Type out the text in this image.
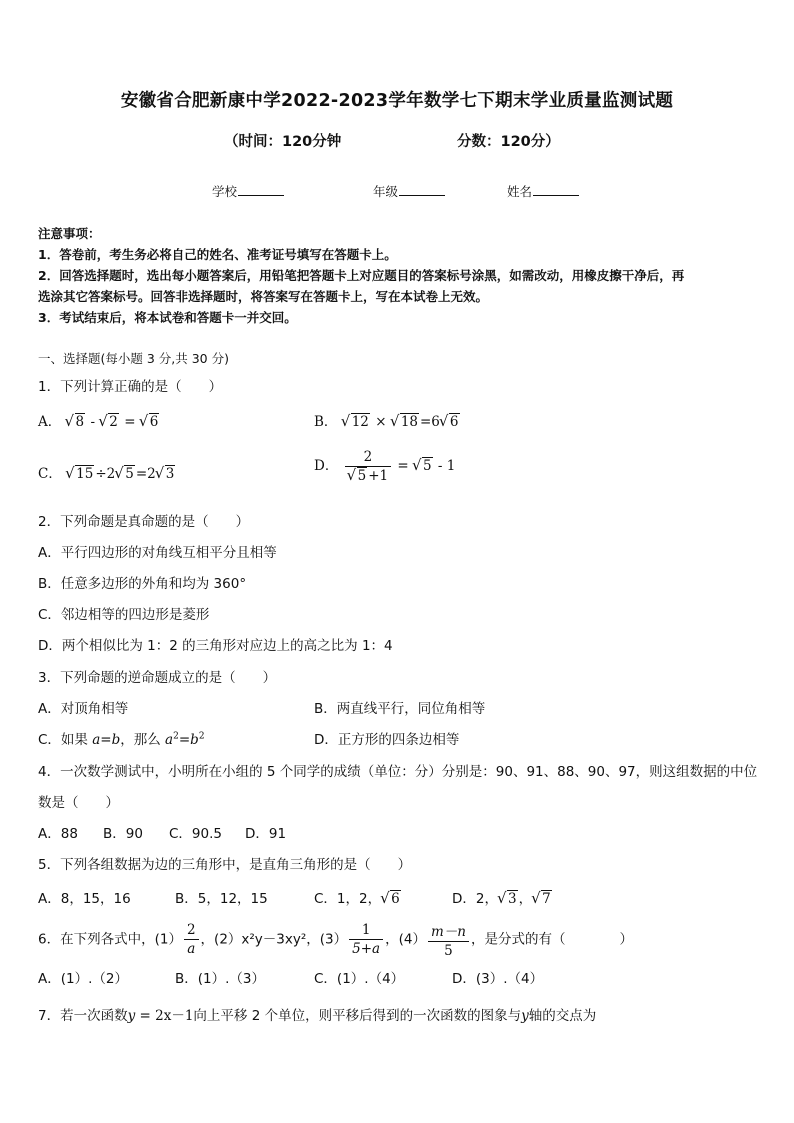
安徽省合肥新康中学2022-2023学年数学七下期末学业质量监测试题
（时间：120分钟	分数：120分）
学校	年级	姓名
注意事项：
1．答卷前，考生务必将自己的姓名、准考证号填写在答题卡上。
2．回答选择题时，选出每小题答案后，用铅笔把答题卡上对应题目的答案标号涂黑，如需改动，用橡皮擦干净后，再
选涂其它答案标号。回答非选择题时，将答案写在答题卡上，写在本试卷上无效。
3．考试结束后，将本试卷和答题卡一并交回。
一、选择题(每小题 3 分,共 30 分)
1．下列计算正确的是（　　）
A． √ 8 - √ 2 = √ 6	B． √ 12 × √ 18 =6 √ 6
C． √ 15 ÷2 √ 5 =2 √ 3	D． 2
√ 5 +1 = √ 5 - 1
2．下列命题是真命题的是（　　）
A．平行四边形的对角线互相平分且相等
B．任意多边形的外角和均为 360°
C．邻边相等的四边形是菱形
D．两个相似比为 1：2 的三角形对应边上的高之比为 1：4
3．下列命题的逆命题成立的是（　　）
A．对顶角相等	B．两直线平行，同位角相等
C．如果 a=b，那么 $a^2=b^2$	D．正方形的四条边相等
4．一次数学测试中，小明所在小组的 5 个同学的成绩（单位：分）分别是：90、91、88、90、97，则这组数据的中位
数是（　　）
A．88 B．90 C．90.5 D．91
5．下列各组数据为边的三角形中，是直角三角形的是（　　）
A．8，15，16	B．5，12，15	C．1，2， √ 6	D．2， √ 3 ， √ 7
6．在下列各式中，$(1) \frac{2}{a}$ ，(2）x²y－3xy²，$(3) \frac{1}{5+a}$ ，$(4) \frac{m-n}{5}$ ，是分式的有（　　　　）
A．(1）.（2）	B．(1）.（3）	C．(1）.（4）	D．(3）.（4）
7．若一次函数y = 2x－1向上平移 2 个单位，则平移后得到的一次函数的图象与y轴的交点为
